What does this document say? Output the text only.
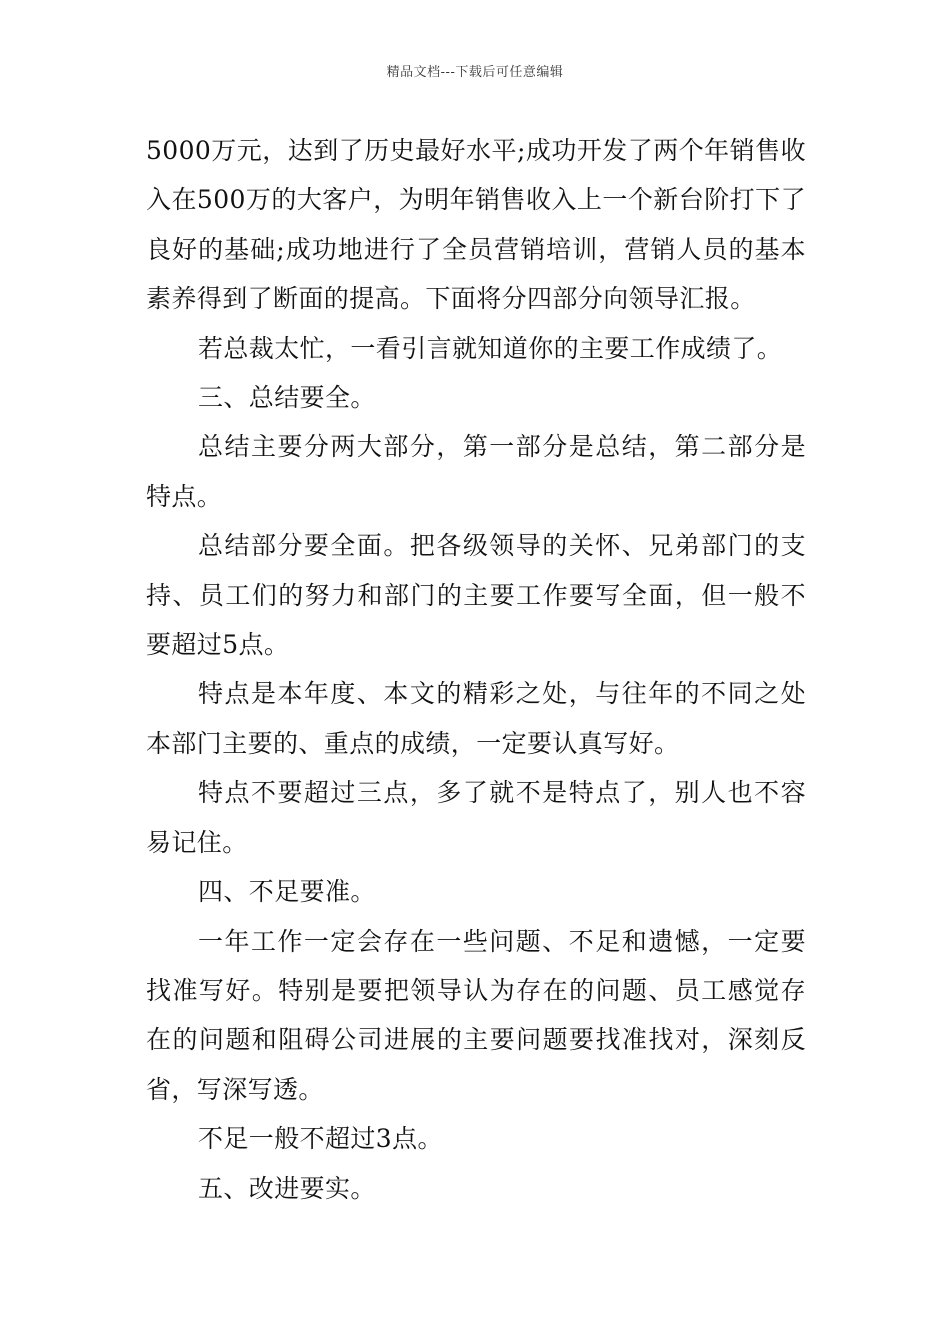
精品文档---下载后可任意编辑

5000万元，达到了历史最好水平;成功开发了两个年销售收入在500万的大客户，为明年销售收入上一个新台阶打下了良好的基础;成功地进行了全员营销培训，营销人员的基本素养得到了断面的提高。下面将分四部分向领导汇报。

若总裁太忙，一看引言就知道你的主要工作成绩了。

三、总结要全。

总结主要分两大部分，第一部分是总结，第二部分是特点。

总结部分要全面。把各级领导的关怀、兄弟部门的支持、员工们的努力和部门的主要工作要写全面，但一般不要超过5点。

特点是本年度、本文的精彩之处，与往年的不同之处本部门主要的、重点的成绩，一定要认真写好。

特点不要超过三点，多了就不是特点了，别人也不容易记住。

四、不足要准。

一年工作一定会存在一些问题、不足和遗憾，一定要找准写好。特别是要把领导认为存在的问题、员工感觉存在的问题和阻碍公司进展的主要问题要找准找对，深刻反省，写深写透。

不足一般不超过3点。

五、改进要实。
